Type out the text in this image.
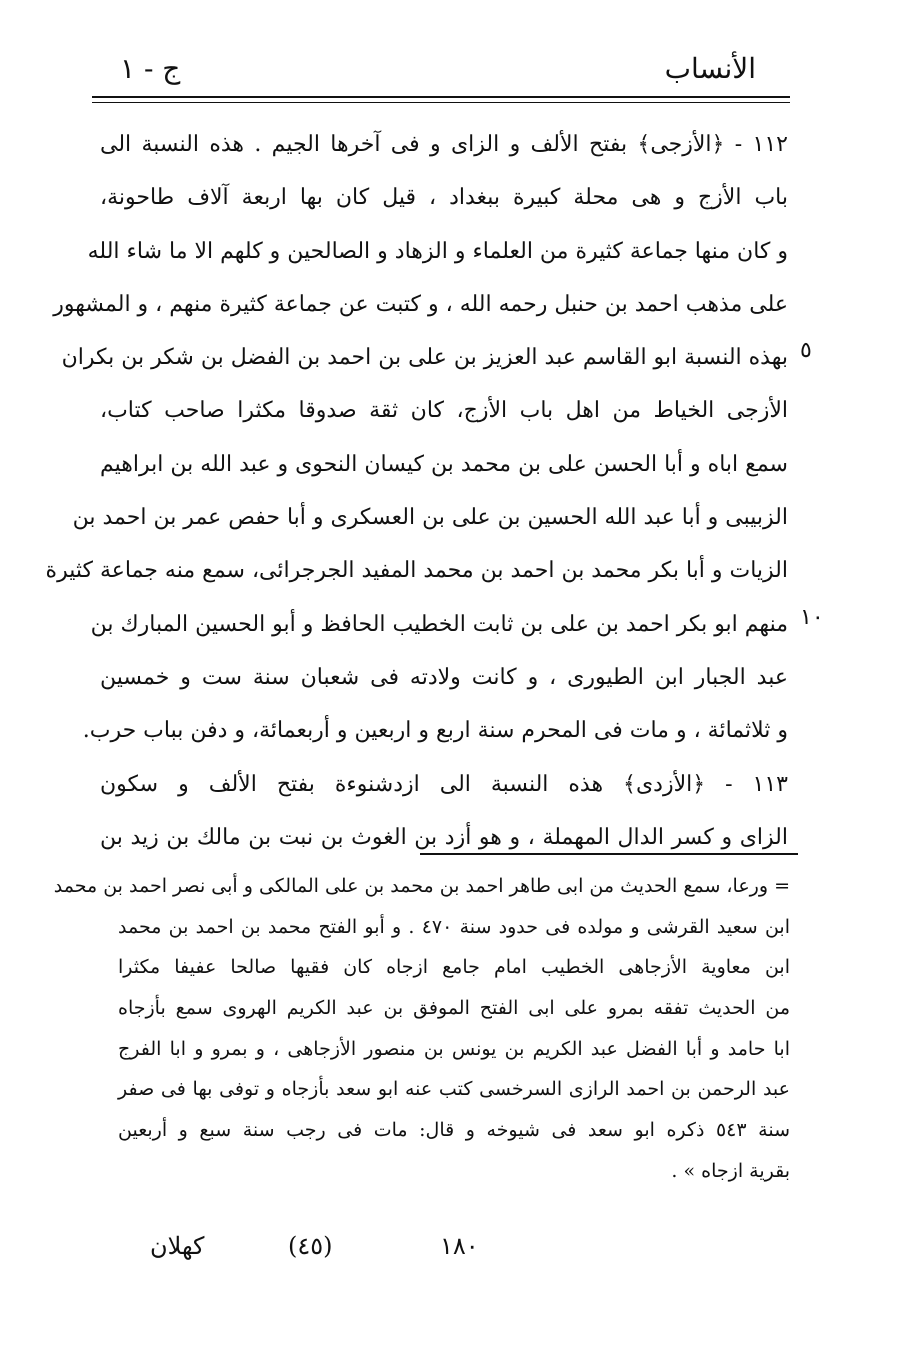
الأنساب
ج - ١
١١٢ - ﴿الأزجى﴾ بفتح الألف و الزاى و فى آخرها الجيم . هذه النسبة الى
باب الأزج و هى محلة كبيرة ببغداد ، قيل كان بها اربعة آلاف طاحونة،
و كان منها جماعة كثيرة من العلماء و الزهاد و الصالحين و كلهم الا ما شاء الله
على مذهب احمد بن حنبل رحمه الله ، و كتبت عن جماعة كثيرة منهم ، و المشهور
بهذه النسبة ابو القاسم عبد العزيز بن على بن احمد بن الفضل بن شكر بن بكران
الأزجى الخياط من اهل باب الأزج، كان ثقة صدوقا مكثرا صاحب كتاب،
سمع اباه و أبا الحسن على بن محمد بن كيسان النحوى و عبد الله بن ابراهيم
الزبيبى و أبا عبد الله الحسين بن على بن العسكرى و أبا حفص عمر بن احمد بن
الزيات و أبا بكر محمد بن احمد بن محمد المفيد الجرجرائى، سمع منه جماعة كثيرة
منهم ابو بكر احمد بن على بن ثابت الخطيب الحافظ و أبو الحسين المبارك بن
عبد الجبار ابن الطيورى ، و كانت ولادته فى شعبان سنة ست و خمسين
و ثلاثمائة ، و مات فى المحرم سنة اربع و اربعين و أربعمائة، و دفن بباب حرب.
١١٣ - ﴿الأزدى﴾ هذه النسبة الى ازدشنوءة بفتح الألف و سكون
الزاى و كسر الدال المهملة ، و هو أزد بن الغوث بن نبت بن مالك بن زيد بن
٥
١٠
= ورعا، سمع الحديث من ابى طاهر احمد بن محمد بن على المالكى و أبى نصر احمد بن محمد
ابن سعيد القرشى و مولده فى حدود سنة ٤٧٠ . و أبو الفتح محمد بن احمد بن محمد
ابن معاوية الأزجاهى الخطيب امام جامع ازجاه كان فقيها صالحا عفيفا مكثرا
من الحديث تفقه بمرو على ابى الفتح الموفق بن عبد الكريم الهروى سمع بأزجاه
ابا حامد و أبا الفضل عبد الكريم بن يونس بن منصور الأزجاهى ، و بمرو و ابا الفرج
عبد الرحمن بن احمد الرازى السرخسى كتب عنه ابو سعد بأزجاه و توفى بها فى صفر
سنة ٥٤٣ ذكره ابو سعد فى شيوخه و قال: مات فى رجب سنة سبع و أربعين
بقرية ازجاه » .
١٨٠
(٤٥)
كهلان
